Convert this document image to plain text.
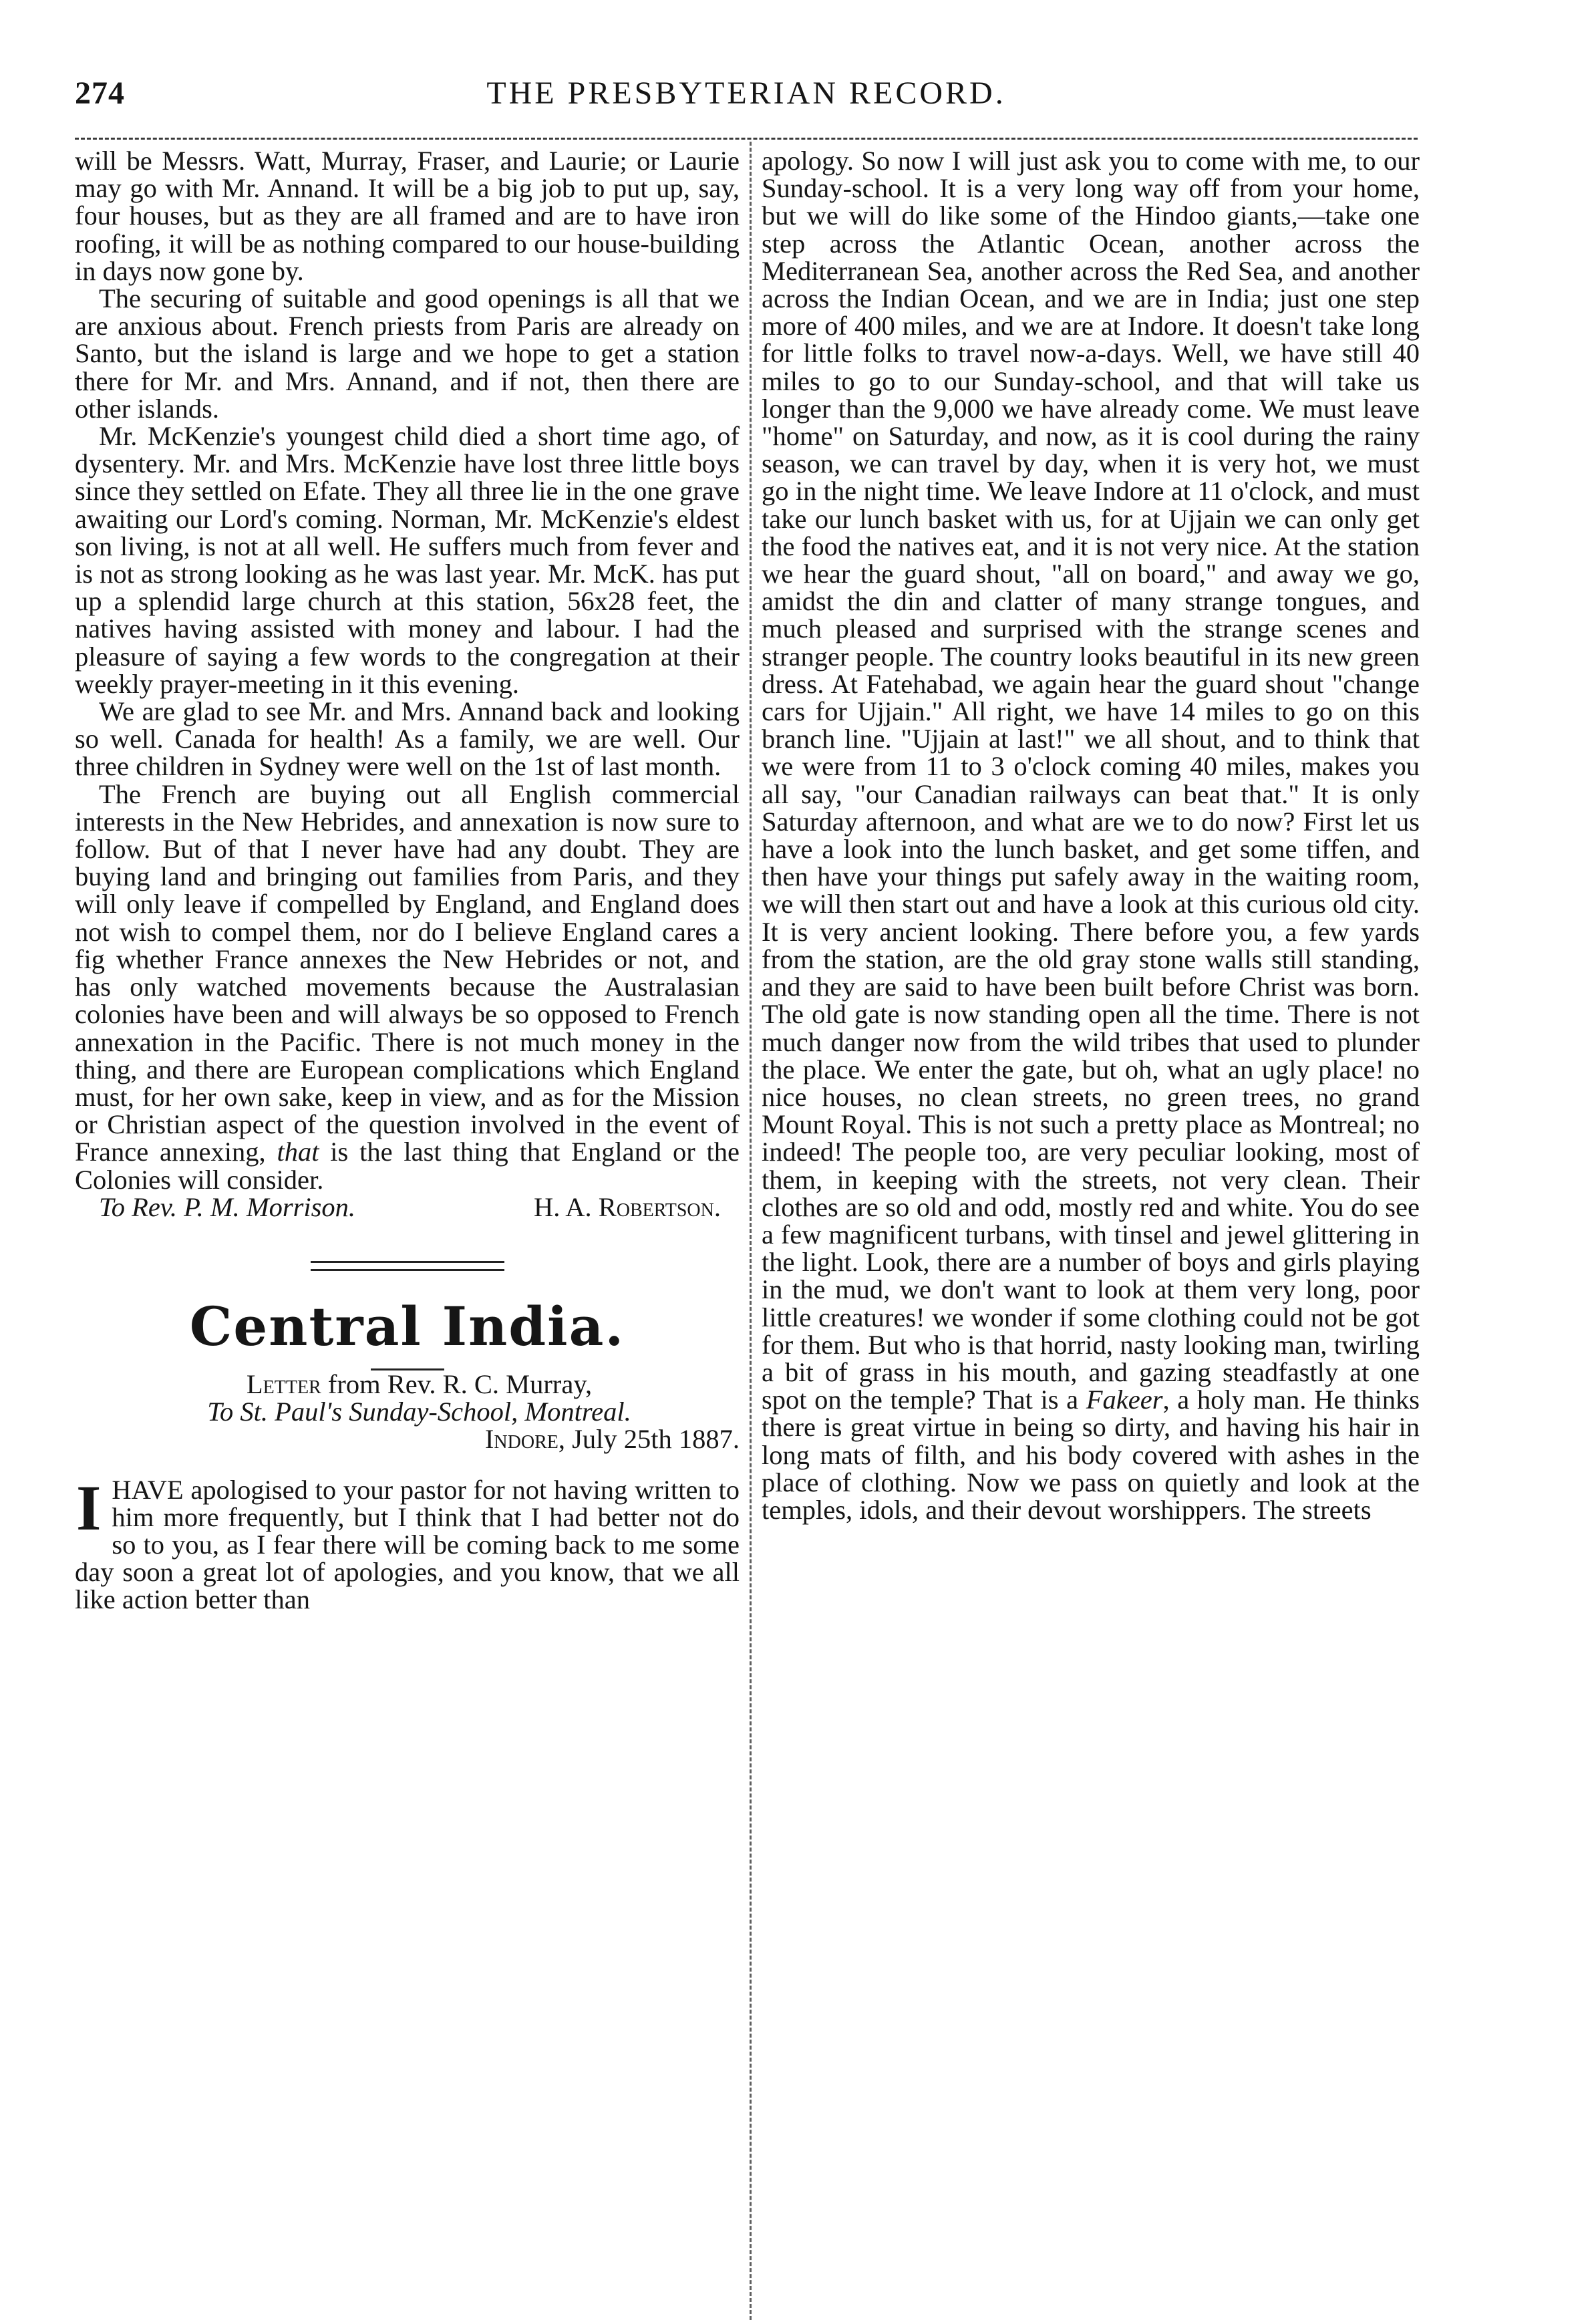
274	THE PRESBYTERIAN RECORD.

will be Messrs. Watt, Murray, Fraser, and Laurie; or Laurie may go with Mr. Annand. It will be a big job to put up, say, four houses, but as they are all framed and are to have iron roofing, it will be as nothing compared to our house-building in days now gone by.

The securing of suitable and good openings is all that we are anxious about. French priests from Paris are already on Santo, but the island is large and we hope to get a station there for Mr. and Mrs. Annand, and if not, then there are other islands.

Mr. McKenzie's youngest child died a short time ago, of dysentery. Mr. and Mrs. McKenzie have lost three little boys since they settled on Efate. They all three lie in the one grave awaiting our Lord's coming. Norman, Mr. McKenzie's eldest son living, is not at all well. He suffers much from fever and is not as strong looking as he was last year. Mr. McK. has put up a splendid large church at this station, 56x28 feet, the natives having assisted with money and labour. I had the pleasure of saying a few words to the congregation at their weekly prayer-meeting in it this evening.

We are glad to see Mr. and Mrs. Annand back and looking so well. Canada for health! As a family, we are well. Our three children in Sydney were well on the 1st of last month.

The French are buying out all English commercial interests in the New Hebrides, and annexation is now sure to follow. But of that I never have had any doubt. They are buying land and bringing out families from Paris, and they will only leave if compelled by England, and England does not wish to compel them, nor do I believe England cares a fig whether France annexes the New Hebrides or not, and has only watched movements because the Australasian colonies have been and will always be so opposed to French annexation in the Pacific. There is not much money in the thing, and there are European complications which England must, for her own sake, keep in view, and as for the Mission or Christian aspect of the question involved in the event of France annexing, that is the last thing that England or the Colonies will consider.

H. A. Robertson.

To Rev. P. M. Morrison.

Central India.

Letter from Rev. R. C. Murray,

To St. Paul's Sunday-School, Montreal.

Indore, July 25th 1887.

I HAVE apologised to your pastor for not having written to him more frequently, but I think that I had better not do so to you, as I fear there will be coming back to me some day soon a great lot of apologies, and you know, that we all like action better than

apology. So now I will just ask you to come with me, to our Sunday-school. It is a very long way off from your home, but we will do like some of the Hindoo giants,—take one step across the Atlantic Ocean, another across the Mediterranean Sea, another across the Red Sea, and another across the Indian Ocean, and we are in India; just one step more of 400 miles, and we are at Indore. It doesn't take long for little folks to travel now-a-days. Well, we have still 40 miles to go to our Sunday-school, and that will take us longer than the 9,000 we have already come. We must leave "home" on Saturday, and now, as it is cool during the rainy season, we can travel by day, when it is very hot, we must go in the night time. We leave Indore at 11 o'clock, and must take our lunch basket with us, for at Ujjain we can only get the food the natives eat, and it is not very nice. At the station we hear the guard shout, "all on board," and away we go, amidst the din and clatter of many strange tongues, and much pleased and surprised with the strange scenes and stranger people. The country looks beautiful in its new green dress. At Fatehabad, we again hear the guard shout "change cars for Ujjain." All right, we have 14 miles to go on this branch line. "Ujjain at last!" we all shout, and to think that we were from 11 to 3 o'clock coming 40 miles, makes you all say, "our Canadian railways can beat that." It is only Saturday afternoon, and what are we to do now? First let us have a look into the lunch basket, and get some tiffen, and then have your things put safely away in the waiting room, we will then start out and have a look at this curious old city. It is very ancient looking. There before you, a few yards from the station, are the old gray stone walls still standing, and they are said to have been built before Christ was born. The old gate is now standing open all the time. There is not much danger now from the wild tribes that used to plunder the place. We enter the gate, but oh, what an ugly place! no nice houses, no clean streets, no green trees, no grand Mount Royal. This is not such a pretty place as Montreal; no indeed! The people too, are very peculiar looking, most of them, in keeping with the streets, not very clean. Their clothes are so old and odd, mostly red and white. You do see a few magnificent turbans, with tinsel and jewel glittering in the light. Look, there are a number of boys and girls playing in the mud, we don't want to look at them very long, poor little creatures! we wonder if some clothing could not be got for them. But who is that horrid, nasty looking man, twirling a bit of grass in his mouth, and gazing steadfastly at one spot on the temple? That is a Fakeer, a holy man. He thinks there is great virtue in being so dirty, and having his hair in long mats of filth, and his body covered with ashes in the place of clothing. Now we pass on quietly and look at the temples, idols, and their devout worshippers. The streets
